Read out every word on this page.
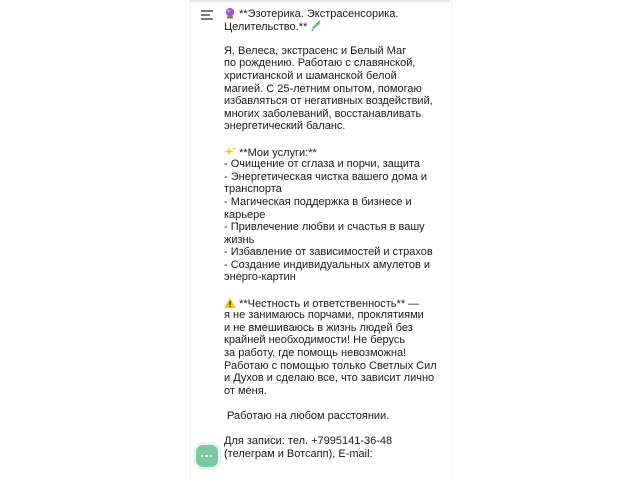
**Эзотерика. Экстрасенсорика.
Целительство.**
Я, Велеса, экстрасенс и Белый Маг
по рождению. Работаю с славянской,
христианской и шаманской белой
магией. С 25-летним опытом, помогаю
избавляться от негативных воздействий,
многих заболеваний, восстанавливать
энергетический баланс.
**Мои услуги:**
- Очищение от сглаза и порчи, защита
- Энергетическая чистка вашего дома и
транспорта
- Магическая поддержка в бизнесе и
карьере
- Привлечение любви и счастья в вашу
жизнь
- Избавление от зависимостей и страхов
- Создание индивидуальных амулетов и
энерго-картин
**Честность и ответственность** —
я не занимаюсь порчами, проклятиями
и не вмешиваюсь в жизнь людей без
крайней необходимости! Не берусь
за работу, где помощь невозможна!
Работаю с помощью только Светлых Сил
и Духов и сделаю все, что зависит лично
от меня.
Работаю на любом расстоянии.
Для записи: тел. +7995141-36-48
(телеграм и Вотсапп), E-mail:
